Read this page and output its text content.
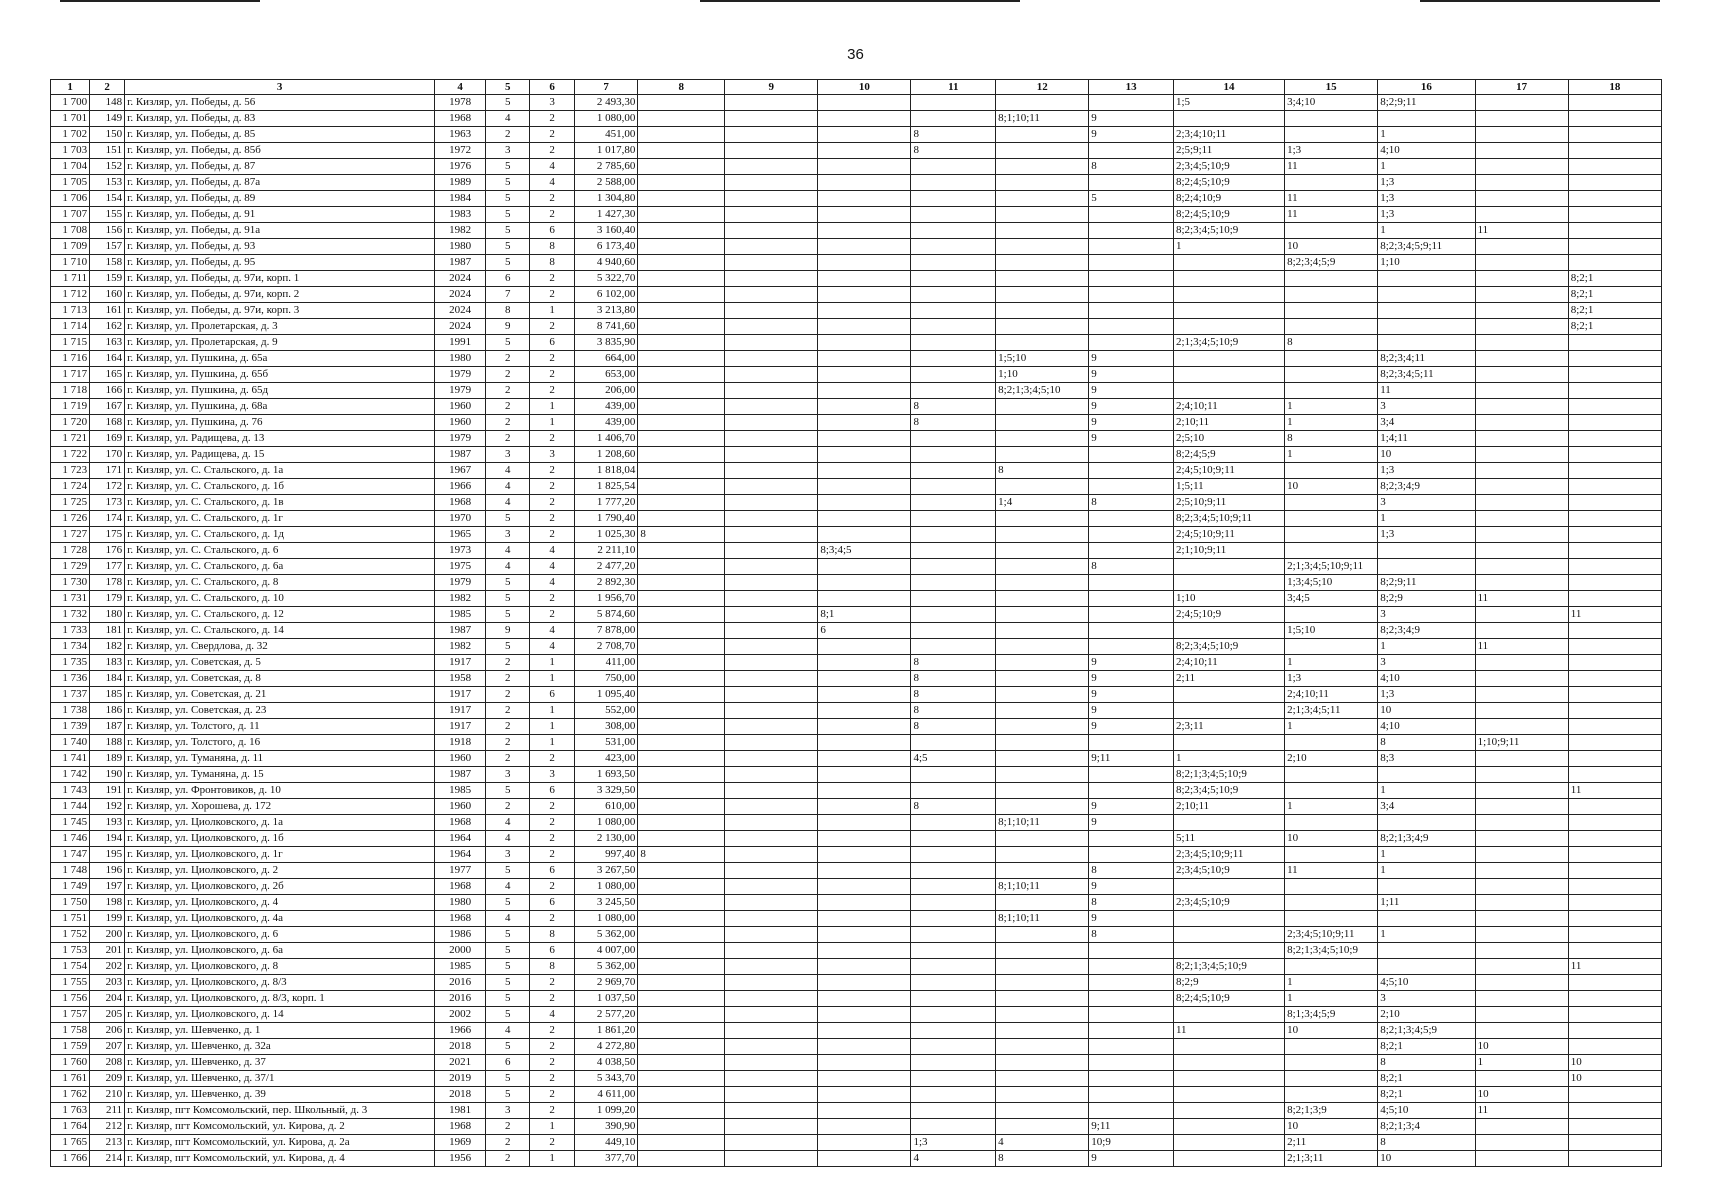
36
1	2	3	4	5	6	7	8	9	10	11	12	13	14	15	16	17	18
1 700	148	г. Кизляр, ул. Победы, д. 56	1978	5	3	2 493,30							1;5	3;4;10	8;2;9;11		
1 701	149	г. Кизляр, ул. Победы, д. 83	1968	4	2	1 080,00					8;1;10;11	9					
1 702	150	г. Кизляр, ул. Победы, д. 85	1963	2	2	451,00				8		9	2;3;4;10;11		1		
1 703	151	г. Кизляр, ул. Победы, д. 85б	1972	3	2	1 017,80				8			2;5;9;11	1;3	4;10		
1 704	152	г. Кизляр, ул. Победы, д. 87	1976	5	4	2 785,60						8	2;3;4;5;10;9	11	1		
1 705	153	г. Кизляр, ул. Победы, д. 87а	1989	5	4	2 588,00							8;2;4;5;10;9		1;3		
1 706	154	г. Кизляр, ул. Победы, д. 89	1984	5	2	1 304,80						5	8;2;4;10;9	11	1;3		
1 707	155	г. Кизляр, ул. Победы, д. 91	1983	5	2	1 427,30							8;2;4;5;10;9	11	1;3		
1 708	156	г. Кизляр, ул. Победы, д. 91а	1982	5	6	3 160,40							8;2;3;4;5;10;9		1	11	
1 709	157	г. Кизляр, ул. Победы, д. 93	1980	5	8	6 173,40							1	10	8;2;3;4;5;9;11		
1 710	158	г. Кизляр, ул. Победы, д. 95	1987	5	8	4 940,60								8;2;3;4;5;9	1;10		
1 711	159	г. Кизляр, ул. Победы, д. 97и, корп. 1	2024	6	2	5 322,70											8;2;1
1 712	160	г. Кизляр, ул. Победы, д. 97и, корп. 2	2024	7	2	6 102,00											8;2;1
1 713	161	г. Кизляр, ул. Победы, д. 97и, корп. 3	2024	8	1	3 213,80											8;2;1
1 714	162	г. Кизляр, ул. Пролетарская, д. 3	2024	9	2	8 741,60											8;2;1
1 715	163	г. Кизляр, ул. Пролетарская, д. 9	1991	5	6	3 835,90							2;1;3;4;5;10;9	8			
1 716	164	г. Кизляр, ул. Пушкина, д. 65а	1980	2	2	664,00					1;5;10	9			8;2;3;4;11		
1 717	165	г. Кизляр, ул. Пушкина, д. 65б	1979	2	2	653,00					1;10	9			8;2;3;4;5;11		
1 718	166	г. Кизляр, ул. Пушкина, д. 65д	1979	2	2	206,00					8;2;1;3;4;5;10	9			11		
1 719	167	г. Кизляр, ул. Пушкина, д. 68а	1960	2	1	439,00				8		9	2;4;10;11	1	3		
1 720	168	г. Кизляр, ул. Пушкина, д. 76	1960	2	1	439,00				8		9	2;10;11	1	3;4		
1 721	169	г. Кизляр, ул. Радищева, д. 13	1979	2	2	1 406,70						9	2;5;10	8	1;4;11		
1 722	170	г. Кизляр, ул. Радищева, д. 15	1987	3	3	1 208,60							8;2;4;5;9	1	10		
1 723	171	г. Кизляр, ул. С. Стальского, д. 1а	1967	4	2	1 818,04					8		2;4;5;10;9;11		1;3		
1 724	172	г. Кизляр, ул. С. Стальского, д. 1б	1966	4	2	1 825,54							1;5;11	10	8;2;3;4;9		
1 725	173	г. Кизляр, ул. С. Стальского, д. 1в	1968	4	2	1 777,20					1;4	8	2;5;10;9;11		3		
1 726	174	г. Кизляр, ул. С. Стальского, д. 1г	1970	5	2	1 790,40							8;2;3;4;5;10;9;11		1		
1 727	175	г. Кизляр, ул. С. Стальского, д. 1д	1965	3	2	1 025,30	8						2;4;5;10;9;11		1;3		
1 728	176	г. Кизляр, ул. С. Стальского, д. 6	1973	4	4	2 211,10			8;3;4;5				2;1;10;9;11				
1 729	177	г. Кизляр, ул. С. Стальского, д. 6а	1975	4	4	2 477,20						8		2;1;3;4;5;10;9;11			
1 730	178	г. Кизляр, ул. С. Стальского, д. 8	1979	5	4	2 892,30								1;3;4;5;10	8;2;9;11		
1 731	179	г. Кизляр, ул. С. Стальского, д. 10	1982	5	2	1 956,70							1;10	3;4;5	8;2;9	11	
1 732	180	г. Кизляр, ул. С. Стальского, д. 12	1985	5	2	5 874,60			8;1				2;4;5;10;9		3		11
1 733	181	г. Кизляр, ул. С. Стальского, д. 14	1987	9	4	7 878,00			6					1;5;10	8;2;3;4;9		
1 734	182	г. Кизляр, ул. Свердлова, д. 32	1982	5	4	2 708,70							8;2;3;4;5;10;9		1	11	
1 735	183	г. Кизляр, ул. Советская, д. 5	1917	2	1	411,00				8		9	2;4;10;11	1	3		
1 736	184	г. Кизляр, ул. Советская, д. 8	1958	2	1	750,00				8		9	2;11	1;3	4;10		
1 737	185	г. Кизляр, ул. Советская, д. 21	1917	2	6	1 095,40				8		9		2;4;10;11	1;3		
1 738	186	г. Кизляр, ул. Советская, д. 23	1917	2	1	552,00				8		9		2;1;3;4;5;11	10		
1 739	187	г. Кизляр, ул. Толстого, д. 11	1917	2	1	308,00				8		9	2;3;11	1	4;10		
1 740	188	г. Кизляр, ул. Толстого, д. 16	1918	2	1	531,00									8	1;10;9;11	
1 741	189	г. Кизляр, ул. Туманяна, д. 11	1960	2	2	423,00				4;5		9;11	1	2;10	8;3		
1 742	190	г. Кизляр, ул. Туманяна, д. 15	1987	3	3	1 693,50							8;2;1;3;4;5;10;9				
1 743	191	г. Кизляр, ул. Фронтовиков, д. 10	1985	5	6	3 329,50							8;2;3;4;5;10;9		1		11
1 744	192	г. Кизляр, ул. Хорошева, д. 172	1960	2	2	610,00				8		9	2;10;11	1	3;4		
1 745	193	г. Кизляр, ул. Циолковского, д. 1а	1968	4	2	1 080,00					8;1;10;11	9					
1 746	194	г. Кизляр, ул. Циолковского, д. 1б	1964	4	2	2 130,00							5;11	10	8;2;1;3;4;9		
1 747	195	г. Кизляр, ул. Циолковского, д. 1г	1964	3	2	997,40	8						2;3;4;5;10;9;11		1		
1 748	196	г. Кизляр, ул. Циолковского, д. 2	1977	5	6	3 267,50						8	2;3;4;5;10;9	11	1		
1 749	197	г. Кизляр, ул. Циолковского, д. 2б	1968	4	2	1 080,00					8;1;10;11	9					
1 750	198	г. Кизляр, ул. Циолковского, д. 4	1980	5	6	3 245,50						8	2;3;4;5;10;9		1;11		
1 751	199	г. Кизляр, ул. Циолковского, д. 4а	1968	4	2	1 080,00					8;1;10;11	9					
1 752	200	г. Кизляр, ул. Циолковского, д. 6	1986	5	8	5 362,00						8		2;3;4;5;10;9;11	1		
1 753	201	г. Кизляр, ул. Циолковского, д. 6а	2000	5	6	4 007,00								8;2;1;3;4;5;10;9			
1 754	202	г. Кизляр, ул. Циолковского, д. 8	1985	5	8	5 362,00							8;2;1;3;4;5;10;9				11
1 755	203	г. Кизляр, ул. Циолковского, д. 8/3	2016	5	2	2 969,70							8;2;9	1	4;5;10		
1 756	204	г. Кизляр, ул. Циолковского, д. 8/3, корп. 1	2016	5	2	1 037,50							8;2;4;5;10;9	1	3		
1 757	205	г. Кизляр, ул. Циолковского, д. 14	2002	5	4	2 577,20								8;1;3;4;5;9	2;10		
1 758	206	г. Кизляр, ул. Шевченко, д. 1	1966	4	2	1 861,20							11	10	8;2;1;3;4;5;9		
1 759	207	г. Кизляр, ул. Шевченко, д. 32а	2018	5	2	4 272,80									8;2;1	10	
1 760	208	г. Кизляр, ул. Шевченко, д. 37	2021	6	2	4 038,50									8	1	10
1 761	209	г. Кизляр, ул. Шевченко, д. 37/1	2019	5	2	5 343,70									8;2;1		10
1 762	210	г. Кизляр, ул. Шевченко, д. 39	2018	5	2	4 611,00									8;2;1	10	
1 763	211	г. Кизляр, пгт Комсомольский, пер. Школьный, д. 3	1981	3	2	1 099,20								8;2;1;3;9	4;5;10	11	
1 764	212	г. Кизляр, пгт Комсомольский, ул. Кирова, д. 2	1968	2	1	390,90						9;11		10	8;2;1;3;4		
1 765	213	г. Кизляр, пгт Комсомольский, ул. Кирова, д. 2а	1969	2	2	449,10				1;3	4	10;9		2;11	8		
1 766	214	г. Кизляр, пгт Комсомольский, ул. Кирова, д. 4	1956	2	1	377,70				4	8	9		2;1;3;11	10		
